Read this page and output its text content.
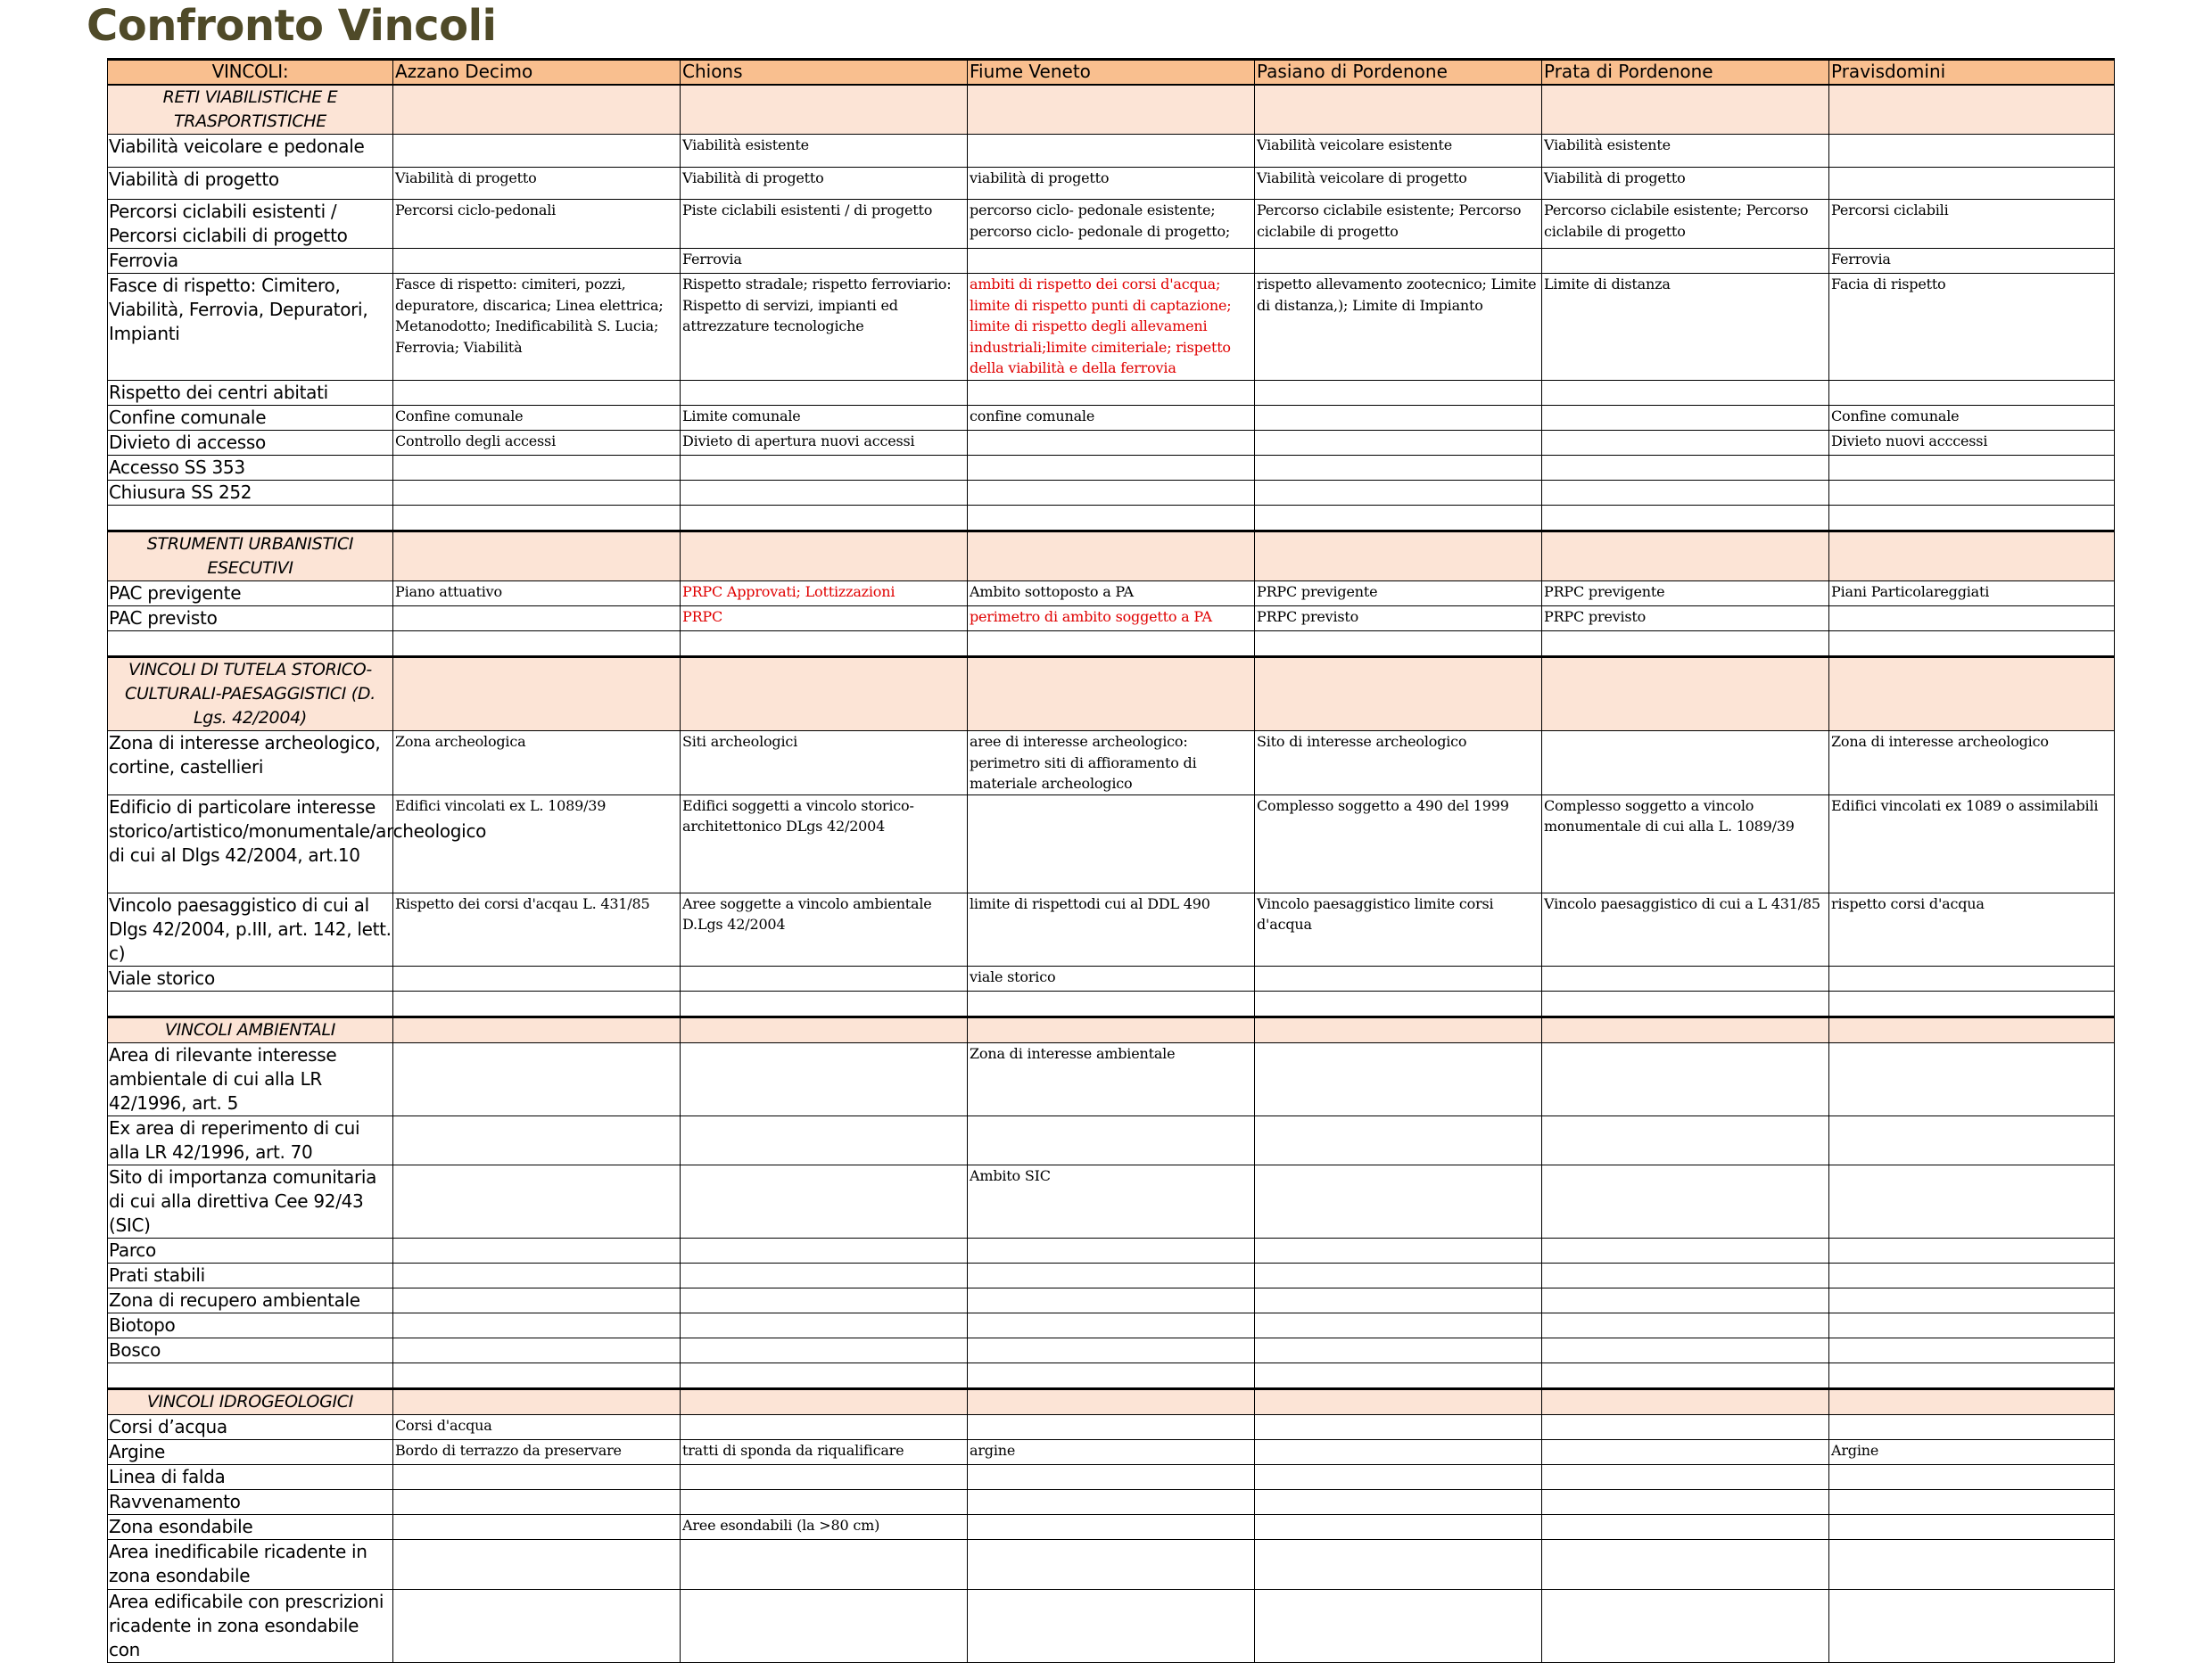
Confronto Vincoli
VINCOLI:	Azzano Decimo	Chions	Fiume Veneto	Pasiano di Pordenone	Prata di Pordenone	Pravisdomini
RETI VIABILISTICHE E TRASPORTISTICHE						
Viabilità veicolare e pedonale		Viabilità esistente		Viabilità veicolare esistente	Viabilità esistente	
Viabilità di progetto	Viabilità di progetto	Viabilità di progetto	viabilità di progetto	Viabilità veicolare di progetto	Viabilità di progetto	
Percorsi ciclabili esistenti / Percorsi ciclabili di progetto	Percorsi ciclo-pedonali	Piste ciclabili esistenti / di progetto	percorso ciclo- pedonale esistente; percorso ciclo- pedonale di progetto;	Percorso ciclabile esistente; Percorso ciclabile di progetto	Percorso ciclabile esistente; Percorso ciclabile di progetto	Percorsi ciclabili
Ferrovia		Ferrovia				Ferrovia
Fasce di rispetto: Cimitero, Viabilità, Ferrovia, Depuratori, Impianti	Fasce di rispetto: cimiteri, pozzi, depuratore, discarica; Linea elettrica; Metanodotto; Inedificabilità S. Lucia; Ferrovia; Viabilità	Rispetto stradale; rispetto ferroviario: Rispetto di servizi, impianti ed attrezzature tecnologiche	ambiti di rispetto dei corsi d'acqua; limite di rispetto punti di captazione; limite di rispetto degli allevameni industriali;limite cimiteriale; rispetto della viabilità e della ferrovia	rispetto allevamento zootecnico; Limite di distanza,); Limite di Impianto	Limite di distanza	Facia di rispetto
Rispetto dei centri abitati						
Confine comunale	Confine comunale	Limite comunale	confine comunale			Confine comunale
Divieto di accesso	Controllo degli accessi	Divieto di apertura nuovi accessi				Divieto nuovi acccessi
Accesso SS 353						
Chiusura SS 252						

STRUMENTI URBANISTICI ESECUTIVI						
PAC previgente	Piano attuativo	PRPC Approvati; Lottizzazioni	Ambito sottoposto a PA	PRPC previgente	PRPC previgente	Piani Particolareggiati
PAC previsto		PRPC	perimetro di ambito soggetto a PA	PRPC previsto	PRPC previsto	

VINCOLI DI TUTELA STORICO-CULTURALI-PAESAGGISTICI (D. Lgs. 42/2004)						
Zona di interesse archeologico, cortine, castellieri	Zona archeologica	Siti archeologici	aree di interesse archeologico: perimetro siti di affioramento di materiale archeologico	Sito di interesse archeologico		Zona di interesse archeologico
Edificio di particolare interesse storico/artistico/monumentale/archeologico di cui al Dlgs 42/2004, art.10	Edifici vincolati ex L. 1089/39	Edifici soggetti a vincolo storico-architettonico DLgs 42/2004		Complesso soggetto a 490 del 1999	Complesso soggetto a vincolo monumentale di cui alla L. 1089/39	Edifici vincolati ex 1089 o assimilabili
Vincolo paesaggistico di cui al Dlgs 42/2004, p.III, art. 142, lett. c)	Rispetto dei corsi d'acqau L. 431/85	Aree soggette a vincolo ambientale D.Lgs 42/2004	limite di rispettodi cui al DDL 490	Vincolo paesaggistico limite corsi d'acqua	Vincolo paesaggistico di cui a L 431/85	rispetto corsi d'acqua
Viale storico			viale storico			

VINCOLI AMBIENTALI						
Area di rilevante interesse ambientale di cui alla LR 42/1996, art. 5			Zona di interesse ambientale			
Ex area di reperimento di cui alla LR 42/1996, art. 70						
Sito di importanza comunitaria di cui alla direttiva Cee 92/43 (SIC)			Ambito SIC			
Parco						
Prati stabili						
Zona di recupero ambientale						
Biotopo						
Bosco						

VINCOLI IDROGEOLOGICI						
Corsi d’acqua	Corsi d'acqua					
Argine	Bordo di terrazzo da preservare	tratti di sponda da riqualificare	argine			Argine
Linea di falda						
Ravvenamento						
Zona esondabile		Aree esondabili (la >80 cm)				
Area inedificabile ricadente in zona esondabile						
Area edificabile con prescrizioni ricadente in zona esondabile con						
